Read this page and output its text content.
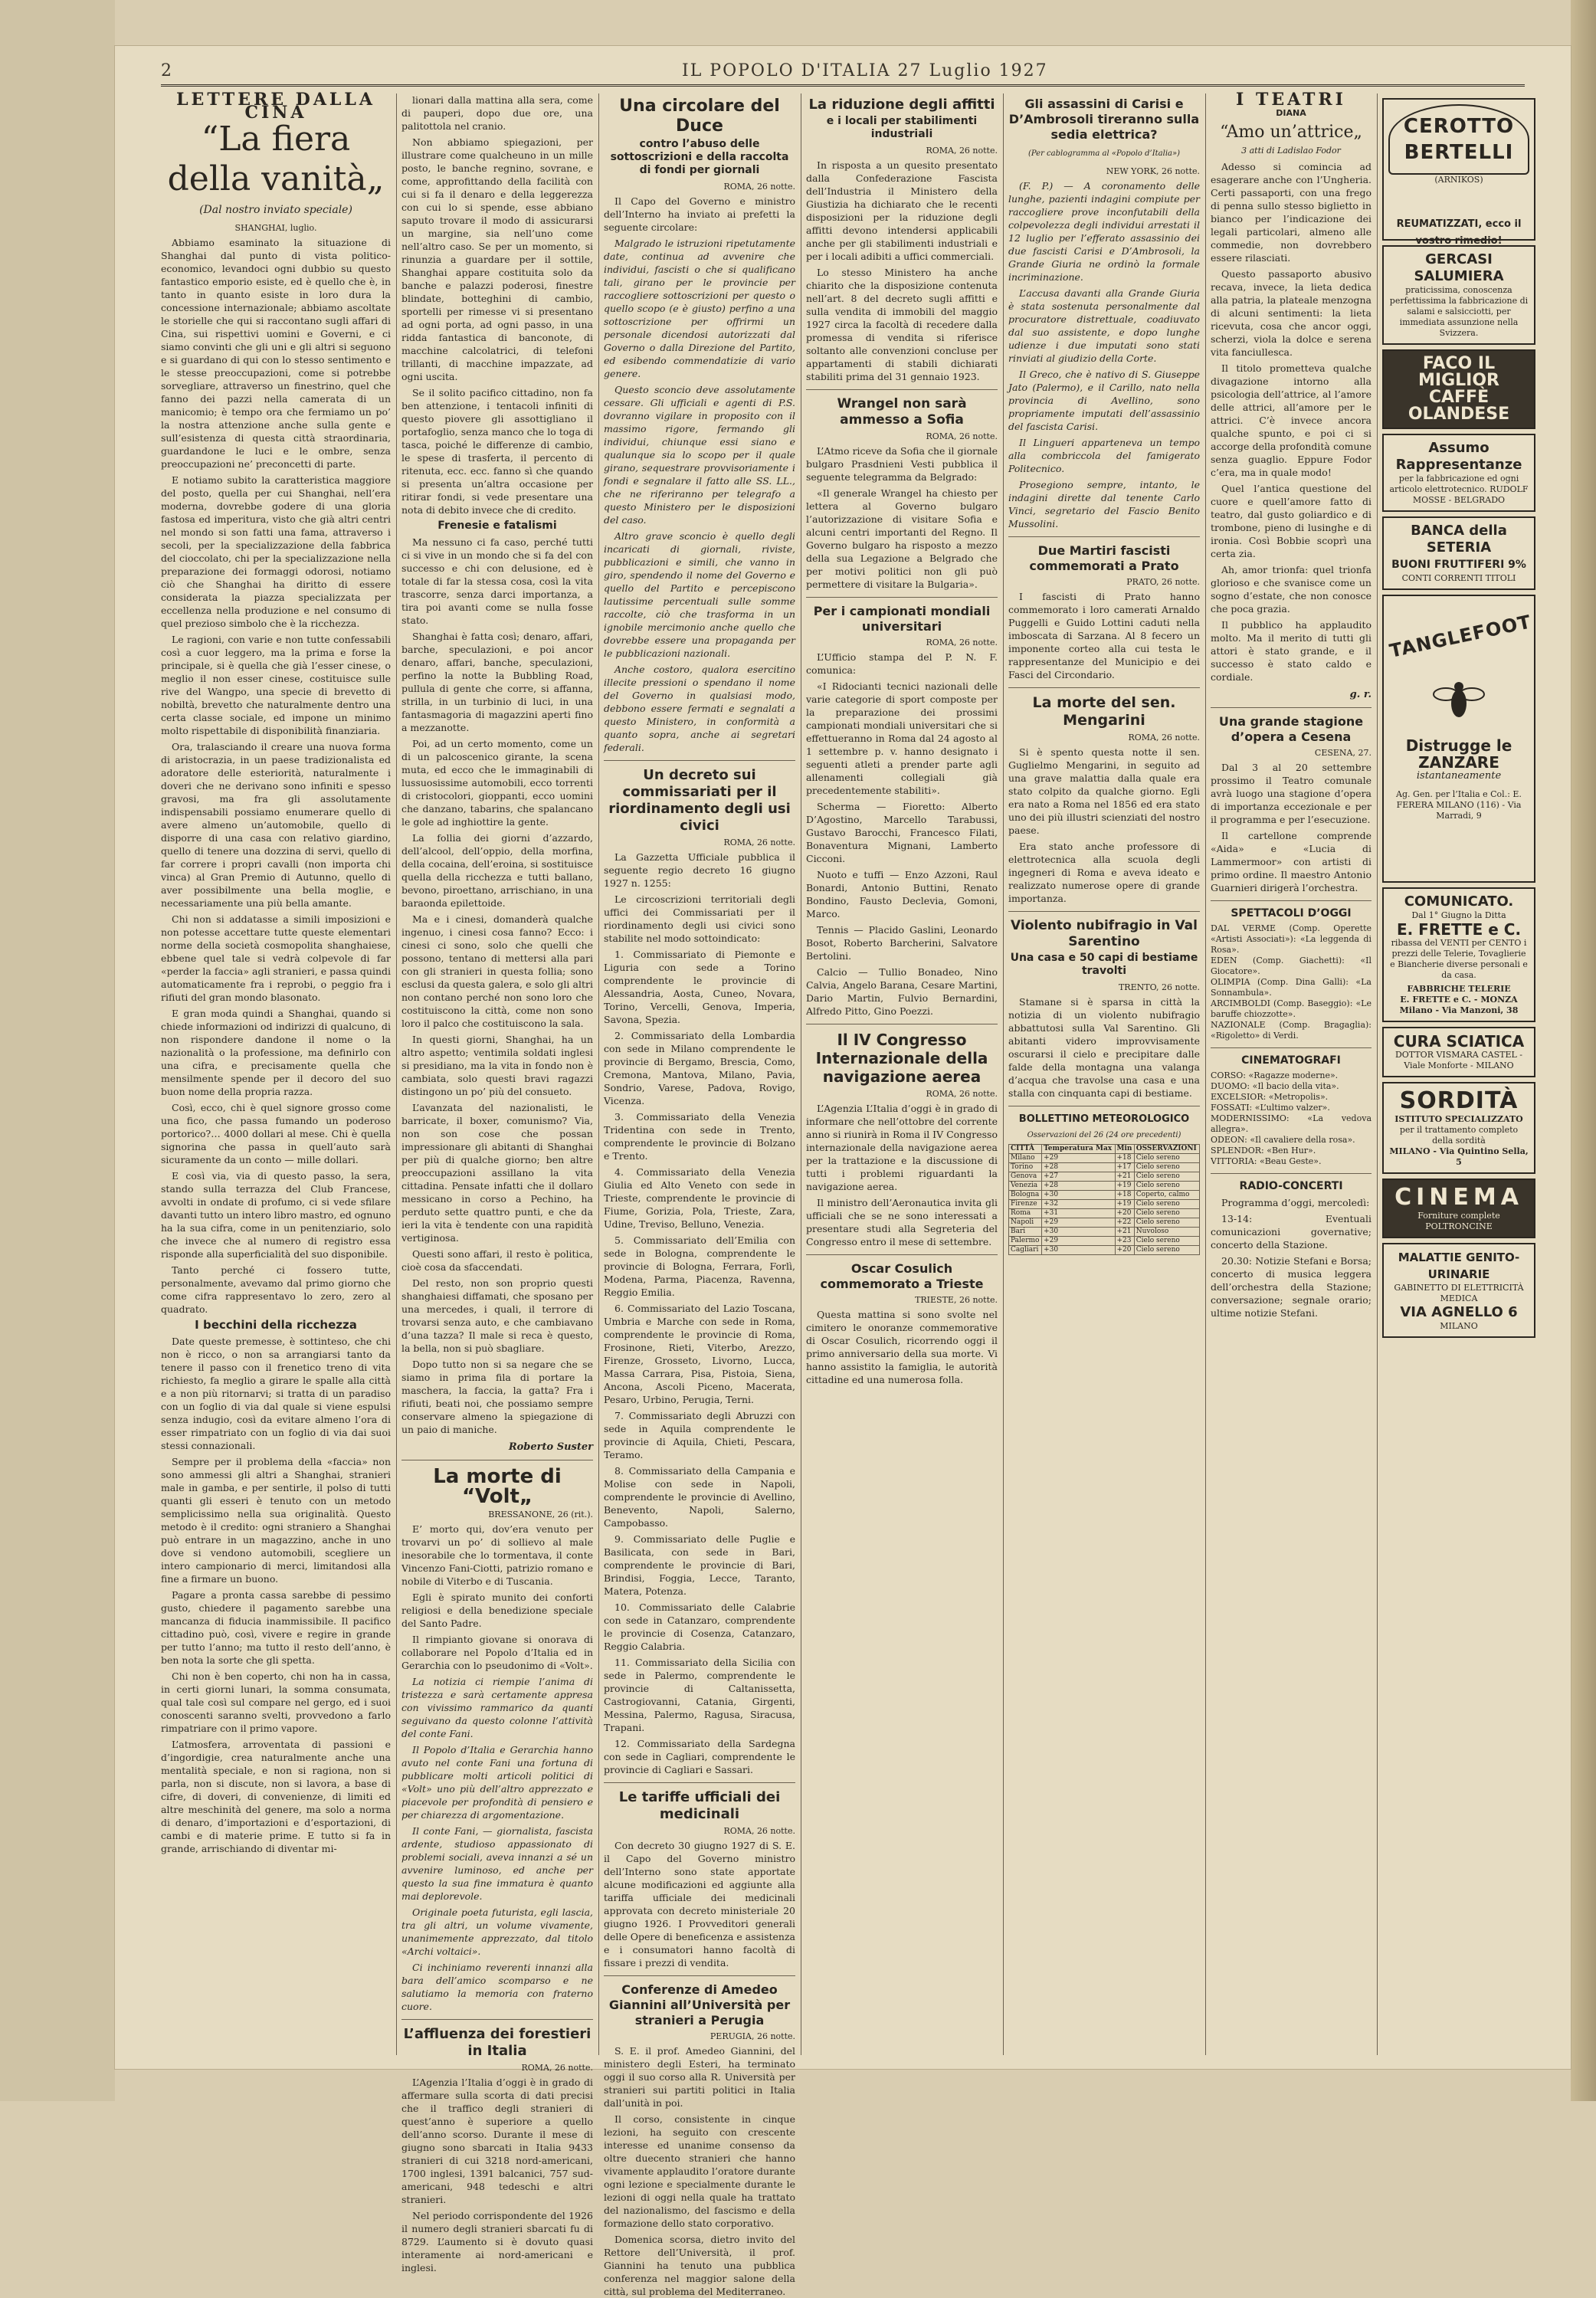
2	IL POPOLO D'ITALIA 27 Luglio 1927
LETTERE DALLA CINA
“La fiera della vanità„
(Dal nostro inviato speciale)
SHANGHAI, luglio.

Abbiamo esaminato la situazione di Shanghai dal punto di vista politico-economico, levandoci ogni dubbio su questo fantastico emporio esiste, ed è quello che è, in tanto in quanto esiste in loro dura la concessione internazionale; abbiamo ascoltate le storielle che qui si raccontano sugli affari di Cina, sui rispettivi uomini e Governi, e ci siamo convinti che gli uni e gli altri si seguono e si guardano di qui con lo stesso sentimento e le stesse preoccupazioni, come si potrebbe sorvegliare, attraverso un finestrino, quel che fanno dei pazzi nella camerata di un manicomio; è tempo ora che fermiamo un po’ la nostra attenzione anche sulla gente e sull’esistenza di questa città straordinaria, guardandone le luci e le ombre, senza preoccupazioni ne’ preconcetti di parte.

E notiamo subito la caratteristica maggiore del posto, quella per cui Shanghai, nell’era moderna, dovrebbe godere di una gloria fastosa ed imperitura, visto che già altri centri nel mondo si son fatti una fama, attraverso i secoli, per la specializzazione della fabbrica del cioccolato, chi per la specializzazione nella preparazione dei formaggi odorosi, notiamo ciò che Shanghai ha diritto di essere considerata la piazza specializzata per eccellenza nella produzione e nel consumo di quel prezioso simbolo che è la ricchezza.

Le ragioni, con varie e non tutte confessabili così a cuor leggero, ma la prima e forse la principale, si è quella che già l’esser cinese, o meglio il non esser cinese, costituisce sulle rive del Wangpo, una specie di brevetto di nobiltà, brevetto che naturalmente dentro una certa classe sociale, ed impone un minimo molto rispettabile di disponibilità finanziaria.

Ora, tralasciando il creare una nuova forma di aristocrazia, in un paese tradizionalista ed adoratore delle esteriorità, naturalmente i doveri che ne derivano sono infiniti e spesso gravosi, ma fra gli assolutamente indispensabili possiamo enumerare quello di avere almeno un’automobile, quello di disporre di una casa con relativo giardino, quello di tenere una dozzina di servi, quello di far correre i propri cavalli (non importa chi vinca) al Gran Premio di Autunno, quello di aver possibilmente una bella moglie, e necessariamente una più bella amante.

Chi non si addatasse a simili imposizioni e non potesse accettare tutte queste elementari norme della società cosmopolita shanghaiese, ebbene quel tale si vedrà colpevole di far «perder la faccia» agli stranieri, e passa quindi automaticamente fra i reprobi, o peggio fra i rifiuti del gran mondo blasonato.

E gran moda quindi a Shanghai, quando si chiede informazioni od indirizzi di qualcuno, di non rispondere dandone il nome o la nazionalità o la professione, ma definirlo con una cifra, e precisamente quella che mensilmente spende per il decoro del suo buon nome della propria razza.

Così, ecco, chi è quel signore grosso come una fico, che passa fumando un poderoso portorico?… 4000 dollari al mese. Chi è quella signorina che passa in quell’auto sarà sicuramente da un conto — mille dollari.

E così via, via di questo passo, la sera, stando sulla terrazza del Club Francese, avvolti in ondate di profumo, ci si vede sfilare davanti tutto un intero libro mastro, ed ognuno ha la sua cifra, come in un penitenziario, solo che invece che al numero di registro essa risponde alla superficialità del suo disponibile.

Tanto perché ci fossero tutte, personalmente, avevamo dal primo giorno che come cifra rappresentavo lo zero, zero al quadrato.

I becchini della ricchezza

Date queste premesse, è sottinteso, che chi non è ricco, o non sa arrangiarsi tanto da tenere il passo con il frenetico treno di vita richiesto, fa meglio a girare le spalle alla città e a non più ritornarvi; si tratta di un paradiso con un foglio di via dal quale si viene espulsi senza indugio, così da evitare almeno l’ora di esser rimpatriato con un foglio di via dai suoi stessi connazionali.

Sempre per il problema della «faccia» non sono ammessi gli altri a Shanghai, stranieri male in gamba, e per sentirle, il polso di tutti quanti gli esseri è tenuto con un metodo semplicissimo nella sua originalità. Questo metodo è il credito: ogni straniero a Shanghai può entrare in un magazzino, anche in uno dove si vendono automobili, scegliere un intero campionario di merci, limitandosi alla fine a firmare un buono.

Pagare a pronta cassa sarebbe di pessimo gusto, chiedere il pagamento sarebbe una mancanza di fiducia inammissibile. Il pacifico cittadino può, così, vivere e regire in grande per tutto l’anno; ma tutto il resto dell’anno, è ben nota la sorte che gli spetta.

Chi non è ben coperto, chi non ha in cassa, in certi giorni lunari, la somma consumata, qual tale così sul compare nel gergo, ed i suoi conoscenti saranno svelti, provvedono a farlo rimpatriare con il primo vapore.

L’atmosfera, arroventata di passioni e d’ingordigie, crea naturalmente anche una mentalità speciale, e non si ragiona, non si parla, non si discute, non si lavora, a base di cifre, di doveri, di convenienze, di limiti ed altre meschinità del genere, ma solo a norma di denaro, d’importazioni e d’esportazioni, di cambi e di materie prime. E tutto si fa in grande, arrischiando di diventar mi-

lionari dalla mattina alla sera, come di pauperi, dopo due ore, una palitottola nel cranio.

Non abbiamo spiegazioni, per illustrare come qualcheuno in un mille posto, le banche regnino, sovrane, e come, approfittando della facilità con cui si fa il denaro e della leggerezza con cui lo si spende, esse abbiano saputo trovare il modo di assicurarsi un margine, sia nell’uno come nell’altro caso. Se per un momento, si rinunzia a guardare per il sottile, Shanghai appare costituita solo da banche e palazzi poderosi, finestre blindate, botteghini di cambio, sportelli per rimesse vi si presentano ad ogni porta, ad ogni passo, in una ridda fantastica di banconote, di macchine calcolatrici, di telefoni trillanti, di macchine impazzate, ad ogni uscita.

Se il solito pacifico cittadino, non fa ben attenzione, i tentacoli infiniti di questo piovere gli assottigliano il portafoglio, senza manco che lo toga di tasca, poiché le differenze di cambio, le spese di trasferta, il percento di ritenuta, ecc. ecc. fanno sì che quando si presenta un’altra occasione per ritirar fondi, si vede presentare una nota di debito invece che di credito.

Frenesie e fatalismi

Ma nessuno ci fa caso, perché tutti ci si vive in un mondo che si fa del con successo e chi con delusione, ed è totale di far la stessa cosa, così la vita trascorre, senza darci importanza, a tira poi avanti come se nulla fosse stato.

Shanghai è fatta così; denaro, affari, barche, speculazioni, e poi ancor denaro, affari, banche, speculazioni, perfino la notte la Bubbling Road, pullula di gente che corre, si affanna, strilla, in un turbinio di luci, in una fantasmagoria di magazzini aperti fino a mezzanotte.

Poi, ad un certo momento, come un di un palcoscenico girante, la scena muta, ed ecco che le immaginabili di lussuosissime automobili, ecco torrenti di cristocolori, gioppanti, ecco uomini che danzano, tabarins, che spalancano le gole ad inghiottire la gente.

La follia dei giorni d’azzardo, dell’alcool, dell’oppio, della morfina, della cocaina, dell’eroina, si sostituisce quella della ricchezza e tutti ballano, bevono, piroettano, arrischiano, in una baraonda epilettoide.

Ma e i cinesi, domanderà qualche ingenuo, i cinesi cosa fanno? Ecco: i cinesi ci sono, solo che quelli che possono, tentano di mettersi alla pari con gli stranieri in questa follia; sono esclusi da questa galera, e solo gli altri non contano perché non sono loro che costituiscono la città, come non sono loro il palco che costituiscono la sala.

In questi giorni, Shanghai, ha un altro aspetto; ventimila soldati inglesi si presidiano, ma la vita in fondo non è cambiata, solo questi bravi ragazzi distingono un po’ più del consueto.

L’avanzata del nazionalisti, le barricate, il boxer, comunismo? Via, non son cose che possan impressionare gli abitanti di Shanghai per più di qualche giorno; ben altre preoccupazioni assillano la vita cittadina. Pensate infatti che il dollaro messicano in corso a Pechino, ha perduto sette quattro punti, e che da ieri la vita è tendente con una rapidità vertiginosa.

Questi sono affari, il resto è politica, cioè cosa da sfaccendati.

Del resto, non son proprio questi shanghaiesi diffamati, che sposano per una mercedes, i quali, il terrore di trovarsi senza auto, e che cambiavano d’una tazza? Il male si reca è questo, la bella, non si può sbagliare.

Dopo tutto non si sa negare che se siamo in prima fila di portare la maschera, la faccia, la gatta? Fra i rifiuti, beati noi, che possiamo sempre conservare almeno la spiegazione di un paio di maniche.

Roberto Suster
La morte di “Volt„
BRESSANONE, 26 (rit.).

E’ morto qui, dov’era venuto per trovarvi un po’ di sollievo al male inesorabile che lo tormentava, il conte Vincenzo Fani-Ciotti, patrizio romano e nobile di Viterbo e di Tuscania.

Egli è spirato munito dei conforti religiosi e della benedizione speciale del Santo Padre.

Il rimpianto giovane si onorava di collaborare nel Popolo d’Italia ed in Gerarchia con lo pseudonimo di «Volt».

La notizia ci riempie l’anima di tristezza e sarà certamente appresa con vivissimo rammarico da quanti seguivano da questo colonne l’attività del conte Fani.

Il Popolo d’Italia e Gerarchia hanno avuto nel conte Fani una fortuna di pubblicare molti articoli politici di «Volt» uno più dell’altro apprezzato e piacevole per profondità di pensiero e per chiarezza di argomentazione.

Il conte Fani, — giornalista, fascista ardente, studioso appassionato di problemi sociali, aveva innanzi a sé un avvenire luminoso, ed anche per questo la sua fine immatura è quanto mai deplorevole.

Originale poeta futurista, egli lascia, tra gli altri, un volume vivamente, unanimemente apprezzato, dal titolo «Archi voltaici».

Ci inchiniamo reverenti innanzi alla bara dell’amico scomparso e ne salutiamo la memoria con fraterno cuore.

L’affluenza dei forestieri in Italia
ROMA, 26 notte.

L’Agenzia l’Italia d’oggi è in grado di affermare sulla scorta di dati precisi che il traffico degli stranieri di quest’anno è superiore a quello dell’anno scorso. Durante il mese di giugno sono sbarcati in Italia 9433 stranieri di cui 3218 nord-americani, 1700 inglesi, 1391 balcanici, 757 sud-americani, 948 tedeschi e altri stranieri.

Nel periodo corrispondente del 1926 il numero degli stranieri sbarcati fu di 8729. L’aumento si è dovuto quasi interamente ai nord-americani e inglesi.

Una circolare del Duce
contro l’abuso delle sottoscrizioni e della raccolta di fondi per giornali
ROMA, 26 notte.

Il Capo del Governo e ministro dell’Interno ha inviato ai prefetti la seguente circolare:

Malgrado le istruzioni ripetutamente date, continua ad avvenire che individui, fascisti o che si qualificano tali, girano per le provincie per raccogliere sottoscrizioni per questo o quello scopo (e è giusto) perfino a una sottoscrizione per offrirmi un personale dicendosi autorizzati dal Governo o dalla Direzione del Partito, ed esibendo commendatizie di vario genere.

Questo sconcio deve assolutamente cessare. Gli ufficiali e agenti di P.S. dovranno vigilare in proposito con il massimo rigore, fermando gli individui, chiunque essi siano e qualunque sia lo scopo per il quale girano, sequestrare provvisoriamente i fondi e segnalare il fatto alle SS. LL., che ne riferiranno per telegrafo a questo Ministero per le disposizioni del caso.

Altro grave sconcio è quello degli incaricati di giornali, riviste, pubblicazioni e simili, che vanno in giro, spendendo il nome del Governo e quello del Partito e percepiscono lautissime percentuali sulle somme raccolte, ciò che trasforma in un ignobile mercimonio anche quello che dovrebbe essere una propaganda per le pubblicazioni nazionali.

Anche costoro, qualora esercitino illecite pressioni o spendano il nome del Governo in qualsiasi modo, debbono essere fermati e segnalati a questo Ministero, in conformità a quanto sopra, anche ai segretari federali.

Un decreto sui commissariati per il riordinamento degli usi civici
ROMA, 26 notte.

La Gazzetta Ufficiale pubblica il seguente regio decreto 16 giugno 1927 n. 1255:

Le circoscrizioni territoriali degli uffici dei Commissariati per il riordinamento degli usi civici sono stabilite nel modo sottoindicato:

1. Commissariato di Piemonte e Liguria con sede a Torino comprendente le provincie di Alessandria, Aosta, Cuneo, Novara, Torino, Vercelli, Genova, Imperia, Savona, Spezia.

2. Commissariato della Lombardia con sede in Milano comprendente le provincie di Bergamo, Brescia, Como, Cremona, Mantova, Milano, Pavia, Sondrio, Varese, Padova, Rovigo, Vicenza.

3. Commissariato della Venezia Tridentina con sede in Trento, comprendente le provincie di Bolzano e Trento.

4. Commissariato della Venezia Giulia ed Alto Veneto con sede in Trieste, comprendente le provincie di Fiume, Gorizia, Pola, Trieste, Zara, Udine, Treviso, Belluno, Venezia.

5. Commissariato dell’Emilia con sede in Bologna, comprendente le provincie di Bologna, Ferrara, Forlì, Modena, Parma, Piacenza, Ravenna, Reggio Emilia.

6. Commissariato del Lazio Toscana, Umbria e Marche con sede in Roma, comprendente le provincie di Roma, Frosinone, Rieti, Viterbo, Arezzo, Firenze, Grosseto, Livorno, Lucca, Massa Carrara, Pisa, Pistoia, Siena, Ancona, Ascoli Piceno, Macerata, Pesaro, Urbino, Perugia, Terni.

7. Commissariato degli Abruzzi con sede in Aquila comprendente le provincie di Aquila, Chieti, Pescara, Teramo.

8. Commissariato della Campania e Molise con sede in Napoli, comprendente le provincie di Avellino, Benevento, Napoli, Salerno, Campobasso.

9. Commissariato delle Puglie e Basilicata, con sede in Bari, comprendente le provincie di Bari, Brindisi, Foggia, Lecce, Taranto, Matera, Potenza.

10. Commissariato delle Calabrie con sede in Catanzaro, comprendente le provincie di Cosenza, Catanzaro, Reggio Calabria.

11. Commissariato della Sicilia con sede in Palermo, comprendente le provincie di Caltanissetta, Castrogiovanni, Catania, Girgenti, Messina, Palermo, Ragusa, Siracusa, Trapani.

12. Commissariato della Sardegna con sede in Cagliari, comprendente le provincie di Cagliari e Sassari.

Le tariffe ufficiali dei medicinali
ROMA, 26 notte.

Con decreto 30 giugno 1927 di S. E. il Capo del Governo ministro dell’Interno sono state apportate alcune modificazioni ed aggiunte alla tariffa ufficiale dei medicinali approvata con decreto ministeriale 20 giugno 1926. I Provveditori generali delle Opere di beneficenza e assistenza e i consumatori hanno facoltà di fissare i prezzi di vendita.

Conferenze di Amedeo Giannini all’Università per stranieri a Perugia
PERUGIA, 26 notte.

S. E. il prof. Amedeo Giannini, del ministero degli Esteri, ha terminato oggi il suo corso alla R. Università per stranieri sui partiti politici in Italia dall’unità in poi.

Il corso, consistente in cinque lezioni, ha seguito con crescente interesse ed unanime consenso da oltre duecento stranieri che hanno vivamente applaudito l’oratore durante ogni lezione e specialmente durante le lezioni di oggi nella quale ha trattato del nazionalismo, del fascismo e della formazione dello stato corporativo.

Domenica scorsa, dietro invito del Rettore dell’Università, il prof. Giannini ha tenuto una pubblica conferenza nel maggior salone della città, sul problema del Mediterraneo.

La riduzione degli affitti
e i locali per stabilimenti industriali
ROMA, 26 notte.

In risposta a un quesito presentato dalla Confederazione Fascista dell’Industria il Ministero della Giustizia ha dichiarato che le recenti disposizioni per la riduzione degli affitti devono intendersi applicabili anche per gli stabilimenti industriali e per i locali adibiti a uffici commerciali.

Lo stesso Ministero ha anche chiarito che la disposizione contenuta nell’art. 8 del decreto sugli affitti e sulla vendita di immobili del maggio 1927 circa la facoltà di recedere dalla promessa di vendita si riferisce soltanto alle convenzioni concluse per appartamenti di stabili dichiarati stabiliti prima del 31 gennaio 1923.

Wrangel non sarà ammesso a Sofia
ROMA, 26 notte.

L’Atmo riceve da Sofia che il giornale bulgaro Prasdnieni Vesti pubblica il seguente telegramma da Belgrado:

«Il generale Wrangel ha chiesto per lettera al Governo bulgaro l’autorizzazione di visitare Sofia e alcuni centri importanti del Regno. Il Governo bulgaro ha risposto a mezzo della sua Legazione a Belgrado che per motivi politici non gli può permettere di visitare la Bulgaria».

Per i campionati mondiali universitari
ROMA, 26 notte.

L’Ufficio stampa del P. N. F. comunica:

«I Ridocianti tecnici nazionali delle varie categorie di sport composte per la preparazione dei prossimi campionati mondiali universitari che si effettueranno in Roma dal 24 agosto al 1 settembre p. v. hanno designato i seguenti atleti a prender parte agli allenamenti collegiali già precedentemente stabiliti».

Scherma — Fioretto: Alberto D’Agostino, Marcello Tarabussi, Gustavo Barocchi, Francesco Filati, Bonaventura Mignani, Lamberto Cicconi.

Nuoto e tuffi — Enzo Azzoni, Raul Bonardi, Antonio Buttini, Renato Bondino, Fausto Declevia, Gomoni, Marco.

Tennis — Placido Gaslini, Leonardo Bosot, Roberto Barcherini, Salvatore Bertolini.

Calcio — Tullio Bonadeo, Nino Calvia, Angelo Barana, Cesare Martini, Dario Martin, Fulvio Bernardini, Alfredo Pitto, Gino Poezzi.

Il IV Congresso Internazionale della navigazione aerea
ROMA, 26 notte.

L’Agenzia L’Italia d’oggi è in grado di informare che nell’ottobre del corrente anno si riunirà in Roma il IV Congresso internazionale della navigazione aerea per la trattazione e la discussione di tutti i problemi riguardanti la navigazione aerea.

Il ministro dell’Aeronautica invita gli ufficiali che se ne sono interessati a presentare studi alla Segreteria del Congresso entro il mese di settembre.

Oscar Cosulich commemorato a Trieste
TRIESTE, 26 notte.

Questa mattina si sono svolte nel cimitero le onoranze commemorative di Oscar Cosulich, ricorrendo oggi il primo anniversario della sua morte. Vi hanno assistito la famiglia, le autorità cittadine ed una numerosa folla.

Gli assassini di Carisi e D’Ambrosoli tireranno sulla sedia elettrica?
(Per cablogramma al «Popolo d’Italia»)
NEW YORK, 26 notte.

(F. P.) — A coronamento delle lunghe, pazienti indagini compiute per raccogliere prove inconfutabili della colpevolezza degli individui arrestati il 12 luglio per l’efferato assassinio dei due fascisti Carisi e D’Ambrosoli, la Grande Giuria ne ordinò la formale incriminazione.

L’accusa davanti alla Grande Giuria è stata sostenuta personalmente dal procuratore distrettuale, coadiuvato dal suo assistente, e dopo lunghe udienze i due imputati sono stati rinviati al giudizio della Corte.

Il Greco, che è nativo di S. Giuseppe Jato (Palermo), e il Carillo, nato nella provincia di Avellino, sono propriamente imputati dell’assassinio del fascista Carisi.

Il Lingueri apparteneva un tempo alla combriccola del famigerato Politecnico.

Prosegiono sempre, intanto, le indagini dirette dal tenente Carlo Vinci, segretario del Fascio Benito Mussolini.

Due Martiri fascisti commemorati a Prato
PRATO, 26 notte.

I fascisti di Prato hanno commemorato i loro camerati Arnaldo Puggelli e Guido Lottini caduti nella imboscata di Sarzana. Al 8 fecero un imponente corteo alla cui testa le rappresentanze del Municipio e dei Fasci del Circondario.

La morte del sen. Mengarini
ROMA, 26 notte.

Si è spento questa notte il sen. Guglielmo Mengarini, in seguito ad una grave malattia dalla quale era stato colpito da qualche giorno. Egli era nato a Roma nel 1856 ed era stato uno dei più illustri scienziati del nostro paese.

Era stato anche professore di elettrotecnica alla scuola degli ingegneri di Roma e aveva ideato e realizzato numerose opere di grande importanza.

Violento nubifragio in Val Sarentino
Una casa e 50 capi di bestiame travolti
TRENTO, 26 notte.

Stamane si è sparsa in città la notizia di un violento nubifragio abbattutosi sulla Val Sarentino. Gli abitanti videro improvvisamente oscurarsi il cielo e precipitare dalle falde della montagna una valanga d’acqua che travolse una casa e una stalla con cinquanta capi di bestiame.

BOLLETTINO METEOROLOGICO
Osservazioni del 26 (24 ore precedenti)
CITTÀ	Temperatura Max	Min	OSSERVAZIONI
Milano	+29	+18	Cielo sereno
Torino	+28	+17	Cielo sereno
Genova	+27	+21	Cielo sereno
Venezia	+28	+19	Cielo sereno
Bologna	+30	+18	Coperto, calmo
Firenze	+32	+19	Cielo sereno
Roma	+31	+20	Cielo sereno
Napoli	+29	+22	Cielo sereno
Bari	+30	+21	Nuvoloso
Palermo	+29	+23	Cielo sereno
Cagliari	+30	+20	Cielo sereno
I TEATRI
DIANA
“Amo un’attrice„
3 atti di Ladislao Fodor

Adesso si comincia ad esagerare anche con l’Ungheria. Certi passaporti, con una frego di penna sullo stesso biglietto in bianco per l’indicazione dei legali particolari, almeno alle commedie, non dovrebbero essere rilasciati.

Questo passaporto abusivo recava, invece, la lieta dedica alla patria, la plateale menzogna di alcuni sentimenti: la lieta ricevuta, cosa che ancor oggi, scherzi, viola la dolce e serena vita fanciullesca.

Il titolo prometteva qualche divagazione intorno alla psicologia dell’attrice, al l’amore delle attrici, all’amore per le attrici. C’è invece ancora qualche spunto, e poi ci si accorge della profondità comune senza guaglio. Eppure Fodor c’era, ma in quale modo!

Quel l’antica questione del cuore e quell’amore fatto di teatro, dal gusto goliardico e di trombone, pieno di lusinghe e di ironia. Così Bobbie scoprì una certa zia.

Ah, amor trionfa: quel trionfa glorioso e che svanisce come un sogno d’estate, che non conosce che poca grazia.

Il pubblico ha applaudito molto. Ma il merito di tutti gli attori è stato grande, e il successo è stato caldo e cordiale.

g. r.
Una grande stagione d’opera a Cesena
CESENA, 27.

Dal 3 al 20 settembre prossimo il Teatro comunale avrà luogo una stagione d’opera di importanza eccezionale e per il programma e per l’esecuzione.

Il cartellone comprende «Aida» e «Lucia di Lammermoor» con artisti di primo ordine. Il maestro Antonio Guarnieri dirigerà l’orchestra.

SPETTACOLI D’OGGI
DAL VERME (Comp. Operette «Artisti Associati»): «La leggenda di Rosa».
EDEN (Comp. Giachetti): «Il Giocatore».
OLIMPIA (Comp. Dina Galli): «La Sonnambula».
ARCIMBOLDI (Comp. Baseggio): «Le baruffe chiozzotte».
NAZIONALE (Comp. Bragaglia): «Rigoletto» di Verdi.
CINEMATOGRAFI
CORSO: «Ragazze moderne».
DUOMO: «Il bacio della vita».
EXCELSIOR: «Metropolis».
FOSSATI: «L’ultimo valzer».
MODERNISSIMO: «La vedova allegra».
ODEON: «Il cavaliere della rosa».
SPLENDOR: «Ben Hur».
VITTORIA: «Beau Geste».
RADIO-CONCERTI

Programma d’oggi, mercoledì:

13-14: Eventuali comunicazioni governative; concerto della Stazione.

20.30: Notizie Stefani e Borsa; concerto di musica leggera dell’orchestra della Stazione; conversazione; segnale orario; ultime notizie Stefani.

CEROTTO BERTELLI
(ARNIKOS)
REUMATIZZATI, ecco il vostro rimedio!
GERCASI SALUMIERA
praticissima, conoscenza perfettissima la fabbricazione di salami e salsicciotti, per immediata assunzione nella Svizzera.
FACO IL MIGLIOR CAFFÈ OLANDESE
Assumo Rappresentanze
per la fabbricazione ed ogni articolo elettrotecnico. RUDOLF MOSSE - BELGRADO
BANCA della SETERIA
BUONI FRUTTIFERI 9%
CONTI CORRENTI TITOLI
TANGLEFOOT
Distrugge le ZANZARE
istantaneamente
Ag. Gen. per l’Italia e Col.: E. FERERA MILANO (116) - Via Marradi, 9
COMUNICATO.
Dal 1° Giugno la Ditta
E. FRETTE e C.
ribassa del VENTI per CENTO i prezzi delle Telerie, Tovaglierie e Biancherie diverse personali e da casa.
FABBRICHE TELERIE
E. FRETTE e C. - MONZA
Milano - Via Manzoni, 38
CURA SCIATICA
DOTTOR VISMARA CASTEL - Viale Monforte - MILANO
SORDITÀ
ISTITUTO SPECIALIZZATO
per il trattamento completo della sordità
MILANO - Via Quintino Sella, 5
CINEMA
Forniture complete POLTRONCINE
MALATTIE GENITO-URINARIE
GABINETTO DI ELETTRICITÀ MEDICA
VIA AGNELLO 6
MILANO
